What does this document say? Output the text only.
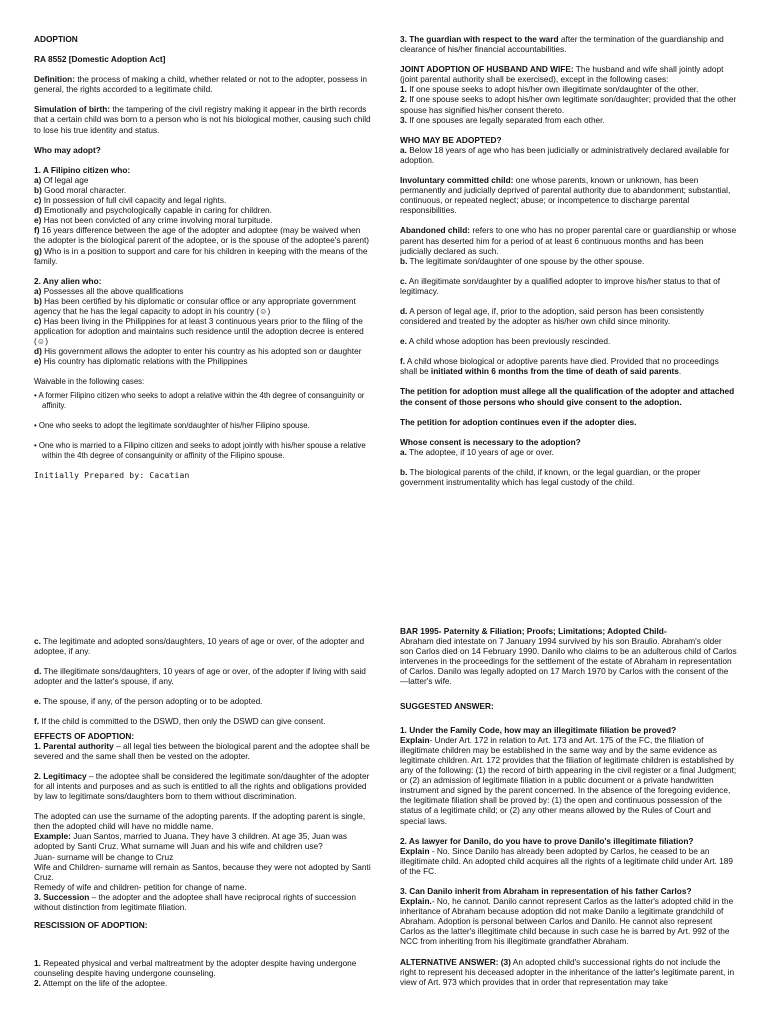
ADOPTION
RA 8552 [Domestic Adoption Act]
Definition: the process of making a child, whether related or not to the adopter, possess in general, the rights accorded to a legitimate child.
Simulation of birth: the tampering of the civil registry making it appear in the birth records that a certain child was born to a person who is not his biological mother, causing such child to lose his true identity and status.
Who may adopt?
1. A Filipino citizen who:
a) Of legal age
b) Good moral character.
c) In possession of full civil capacity and legal rights.
d) Emotionally and psychologically capable in caring for children.
e) Has not been convicted of any crime involving moral turpitude.
f) 16 years difference between the age of the adopter and adoptee (may be waived when the adopter is the biological parent of the adoptee, or is the spouse of the adoptee's parent)
g) Who is in a position to support and care for his children in keeping with the means of the family.
2. Any alien who:
a) Possesses all the above qualifications
b) Has been certified by his diplomatic or consular office or any appropriate government agency that he has the legal capacity to adopt in his country (☺)
c) Has been living in the Philippines for at least 3 continuous years prior to the filing of the application for adoption and maintains such residence until the adoption decree is entered (☺)
d) His government allows the adopter to enter his country as his adopted son or daughter
e) His country has diplomatic relations with the Philippines
Waivable in the following cases:
• A former Filipino citizen who seeks to adopt a relative within the 4th degree of consanguinity or affinity.
• One who seeks to adopt the legitimate son/daughter of his/her Filipino spouse.
• One who is married to a Filipino citizen and seeks to adopt jointly with his/her spouse a relative within the 4th degree of consanguinity or affinity of the Filipino spouse.
Initially Prepared by: Cacatian
3. The guardian with respect to the ward after the termination of the guardianship and clearance of his/her financial accountabilities.
JOINT ADOPTION OF HUSBAND AND WIFE: The husband and wife shall jointly adopt (joint parental authority shall be exercised), except in the following cases:
1. If one spouse seeks to adopt his/her own illegitimate son/daughter of the other.
2. If one spouse seeks to adopt his/her own legitimate son/daughter; provided that the other spouse has signified his/her consent thereto.
3. If one spouses are legally separated from each other.
WHO MAY BE ADOPTED?
a. Below 18 years of age who has been judicially or administratively declared available for adoption.
Involuntary committed child: one whose parents, known or unknown, has been permanently and judicially deprived of parental authority due to abandonment; substantial, continuous, or repeated neglect; abuse; or incompetence to discharge parental responsibilities.
Abandoned child: refers to one who has no proper parental care or guardianship or whose parent has deserted him for a period of at least 6 continuous months and has been judicially declared as such.
b. The legitimate son/daughter of one spouse by the other spouse.
c. An illegitimate son/daughter by a qualified adopter to improve his/her status to that of legitimacy.
d. A person of legal age, if, prior to the adoption, said person has been consistently considered and treated by the adopter as his/her own child since minority.
e. A child whose adoption has been previously rescinded.
f. A child whose biological or adoptive parents have died. Provided that no proceedings shall be initiated within 6 months from the time of death of said parents.
The petition for adoption must allege all the qualification of the adopter and attached the consent of those persons who should give consent to the adoption.
The petition for adoption continues even if the adopter dies.
Whose consent is necessary to the adoption?
a. The adoptee, if 10 years of age or over.
b. The biological parents of the child, if known, or the legal guardian, or the proper government instrumentality which has legal custody of the child.
c. The legitimate and adopted sons/daughters, 10 years of age or over, of the adopter and adoptee, if any.
d. The illegitimate sons/daughters, 10 years of age or over, of the adopter if living with said adopter and the latter's spouse, if any.
e. The spouse, if any, of the person adopting or to be adopted.
f. If the child is committed to the DSWD, then only the DSWD can give consent.
EFFECTS OF ADOPTION:
1. Parental authority – all legal ties between the biological parent and the adoptee shall be severed and the same shall then be vested on the adopter.
2. Legitimacy – the adoptee shall be considered the legitimate son/daughter of the adopter for all intents and purposes and as such is entitled to all the rights and obligations provided by law to legitimate sons/daughters born to them without discrimination.
The adopted can use the surname of the adopting parents. If the adopting parent is single, then the adopted child will have no middle name.
Example: Juan Santos, married to Juana. They have 3 children. At age 35, Juan was adopted by Santi Cruz. What surname will Juan and his wife and children use?
Juan- surname will be change to Cruz
Wife and Children- surname will remain as Santos, because they were not adopted by Santi Cruz.
Remedy of wife and children- petition for change of name.
3. Succession – the adopter and the adoptee shall have reciprocal rights of succession without distinction from legitimate filiation.
RESCISSION OF ADOPTION:
1. Repeated physical and verbal maltreatment by the adopter despite having undergone counseling despite having undergone counseling.
2. Attempt on the life of the adoptee.
BAR 1995- Paternity & Filiation; Proofs; Limitations; Adopted Child-
Abraham died intestate on 7 January 1994 survived by his son Braulio. Abraham's older son Carlos died on 14 February 1990. Danilo who claims to be an adulterous child of Carlos intervenes in the proceedings for the settlement of the estate of Abraham in representation of Carlos. Danilo was legally adopted on 17 March 1970 by Carlos with the consent of the —latter's wife.
SUGGESTED ANSWER:
1. Under the Family Code, how may an illegitimate filiation be proved?
Explain- Under Art. 172 in relation to Art. 173 and Art. 175 of the FC, the filiation of illegitimate children may be established in the same way and by the same evidence as legitimate children. Art. 172 provides that the filiation of legitimate children is established by any of the following: (1) the record of birth appearing in the civil register or a final Judgment; or (2) an admission of legitimate filiation in a public document or a private handwritten instrument and signed by the parent concerned. In the absence of the foregoing evidence, the legitimate filiation shall be proved by: (1) the open and continuous possession of the status of a legitimate child; or (2) any other means allowed by the Rules of Court and special laws.
2. As lawyer for Danilo, do you have to prove Danilo's illegitimate filiation?
Explain - No. Since Danilo has already been adopted by Carlos, he ceased to be an illegitimate child. An adopted child acquires all the rights of a legitimate child under Art. 189 of the FC.
3. Can Danilo inherit from Abraham in representation of his father Carlos?
Explain.- No, he cannot. Danilo cannot represent Carlos as the latter's adopted child in the inheritance of Abraham because adoption did not make Danilo a legitimate grandchild of Abraham. Adoption is personal between Carlos and Danilo. He cannot also represent Carlos as the latter's illegitimate child because in such case he is barred by Art. 992 of the NCC from inheriting from his illegitimate grandfather Abraham.
ALTERNATIVE ANSWER: (3) An adopted child's successional rights do not include the right to represent his deceased adopter in the inheritance of the latter's legitimate parent, in view of Art. 973 which provides that in order that representation may take
